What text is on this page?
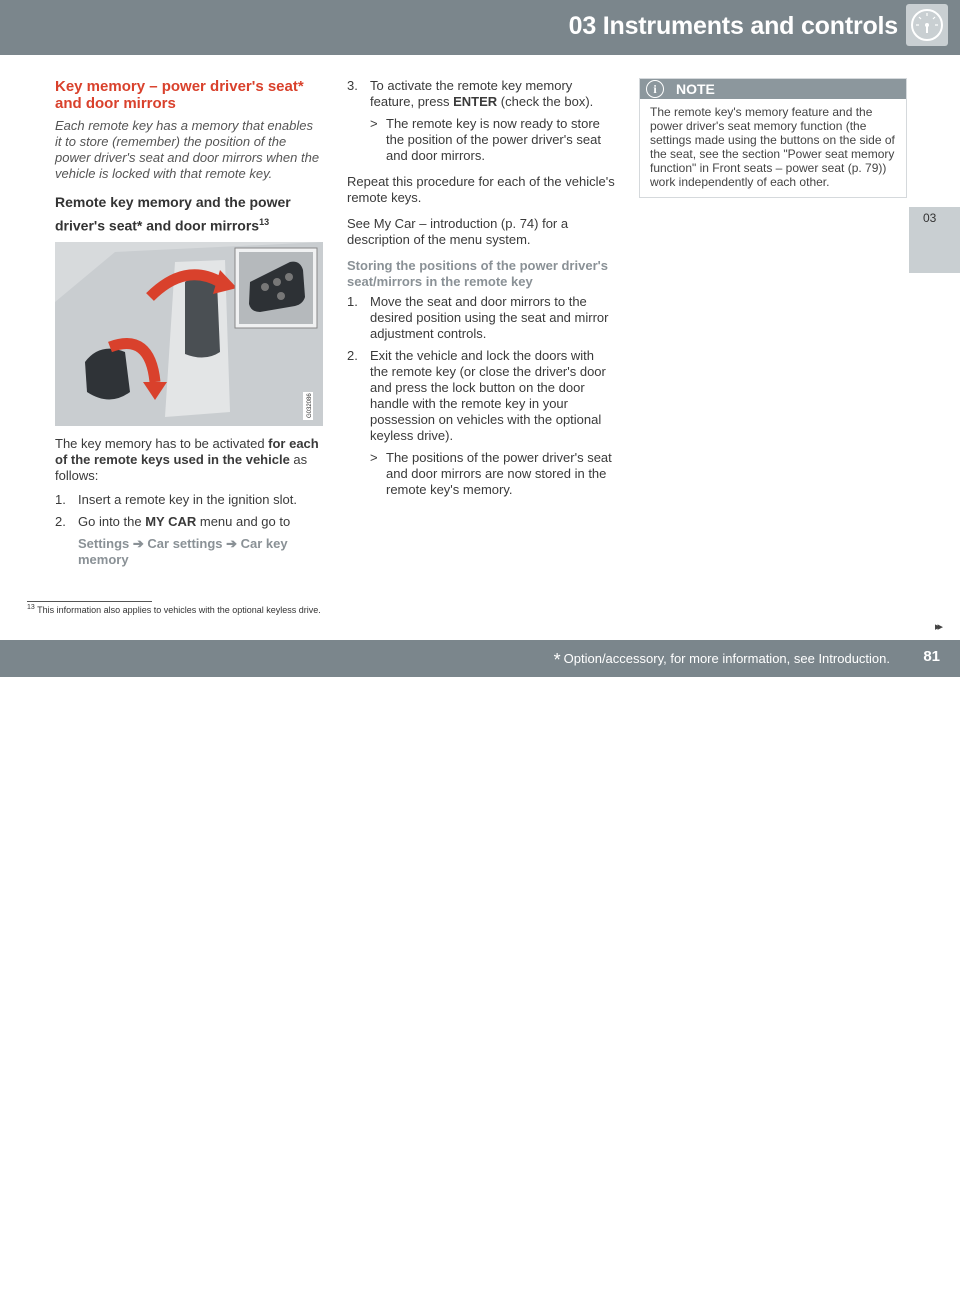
03 Instruments and controls
03
Key memory – power driver's seat* and door mirrors

Each remote key has a memory that enables it to store (remember) the position of the power driver's seat and door mirrors when the vehicle is locked with that remote key.

Remote key memory and the power driver's seat* and door mirrors$^{13}$
G032086

The key memory has to be activated for each of the remote keys used in the vehicle as follows:

1. Insert a remote key in the ignition slot.
2. Go into the MY CAR menu and go to
Settings ➔ Car settings ➔ Car key memory
3. To activate the remote key memory feature, press ENTER (check the box).
> The remote key is now ready to store the position of the power driver's seat and door mirrors.

Repeat this procedure for each of the vehicle's remote keys.

See My Car – introduction (p. 74) for a description of the menu system.

Storing the positions of the power driver's seat/mirrors in the remote key
1. Move the seat and door mirrors to the desired position using the seat and mirror adjustment controls.
2. Exit the vehicle and lock the doors with the remote key (or close the driver's door and press the lock button on the door handle with the remote key in your possession on vehicles with the optional keyless drive).
> The positions of the power driver's seat and door mirrors are now stored in the remote key's memory.
i	NOTE
The remote key's memory feature and the power driver's seat memory function (the settings made using the buttons on the side of the seat, see the section "Power seat memory function" in Front seats – power seat (p. 79)) work independently of each other.
$^{13}$ This information also applies to vehicles with the optional keyless drive.
▸▸
* Option/accessory, for more information, see Introduction. 81
carmanualsonline.info
